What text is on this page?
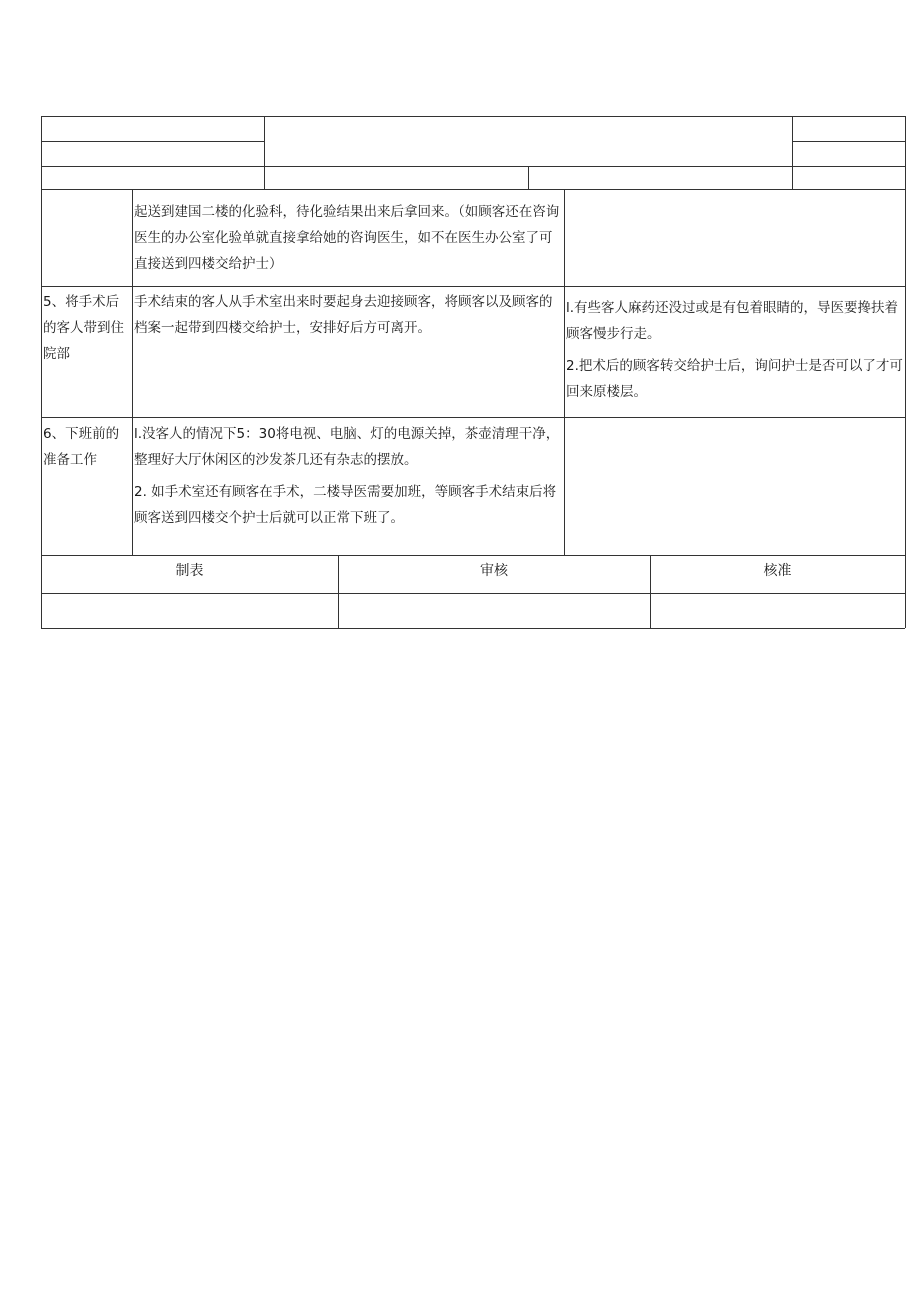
起送到建国二楼的化验科，待化验结果出来后拿回来。（如顾客还在咨询医生的办公室化验单就直接拿给她的咨询医生，如不在医生办公室了可直接送到四楼交给护士）

5、将手术后的客人带到住院部

手术结束的客人从手术室出来时要起身去迎接顾客，将顾客以及顾客的档案一起带到四楼交给护士，安排好后方可离开。

l.有些客人麻药还没过或是有包着眼睛的，导医要搀扶着顾客慢步行走。

2.把术后的顾客转交给护士后，询问护士是否可以了才可回来原楼层。

6、下班前的准备工作

l.没客人的情况下5：30将电视、电脑、灯的电源关掉，茶壶清理干净，整理好大厅休闲区的沙发茶几还有杂志的摆放。

2. 如手术室还有顾客在手术，二楼导医需要加班，等顾客手术结束后将顾客送到四楼交个护士后就可以正常下班了。

制表	审核	核准
